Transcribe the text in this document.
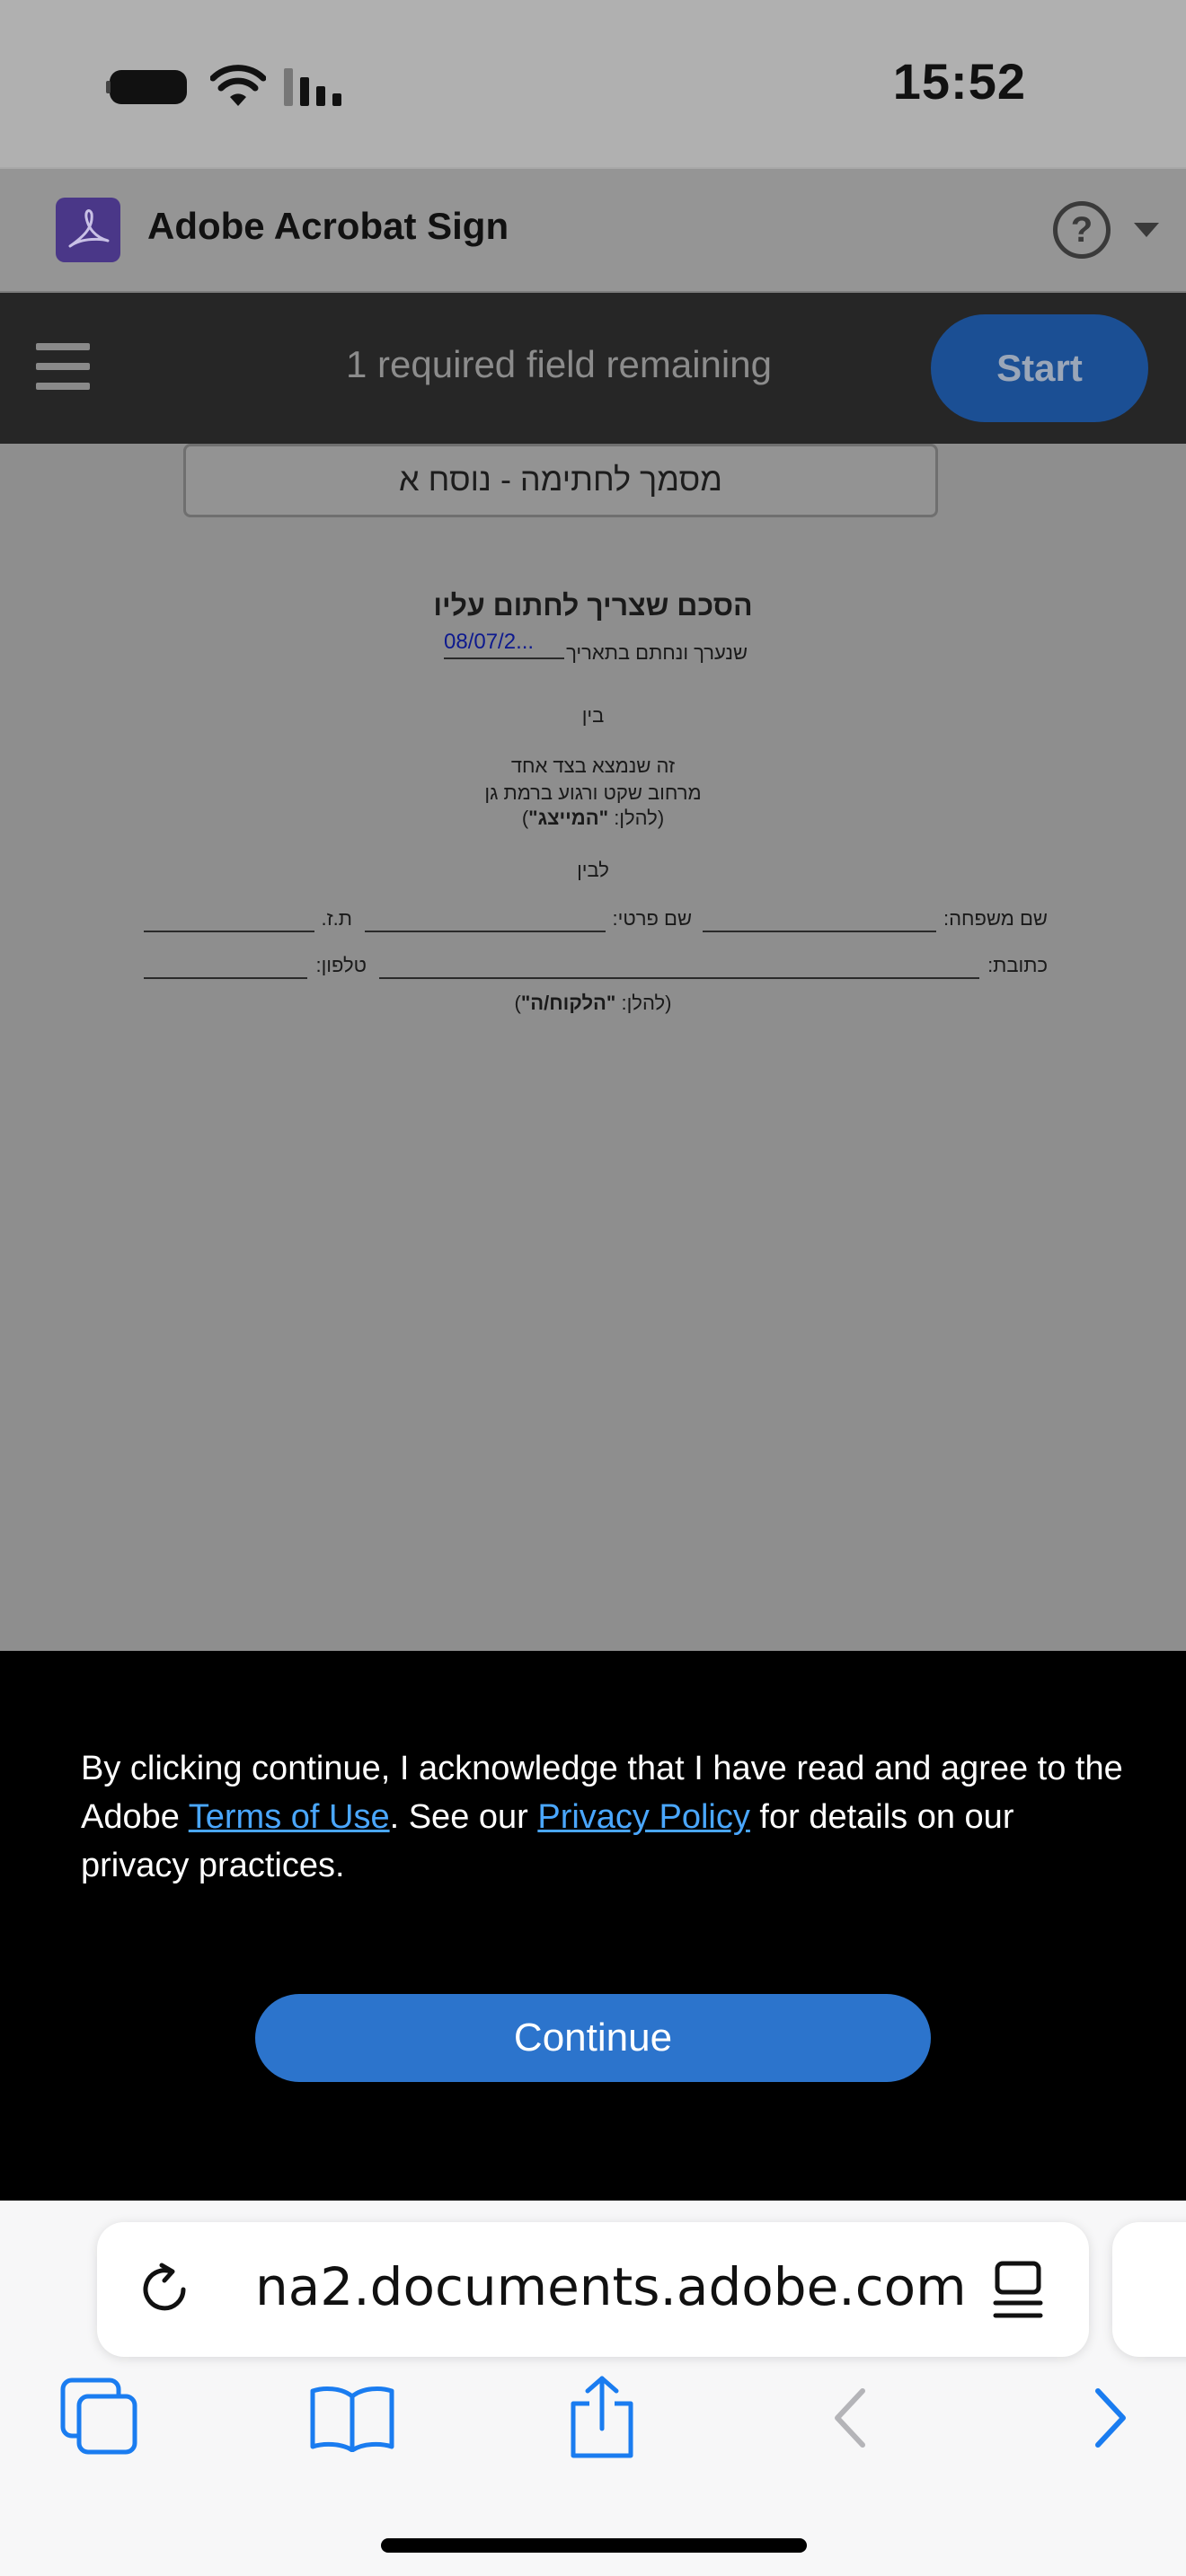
15:52
Adobe Acrobat Sign	?
1 required field remaining	Start
מסמך לחתימה - נוסח א
הסכם שצריך לחתום עליו
שנערך ונחתם בתאריך
08/07/2...
בין
זה שנמצא בצד אחד
מרחוב שקט ורגוע ברמת גן
(להלן: "המייצג")
לבין
שם משפחה:
שם פרטי:
ת.ז.
כתובת:
טלפון:
(להלן: "הלקוח/ה")
By clicking continue, I acknowledge that I have read and agree to the Adobe Terms of Use. See our Privacy Policy for details on our privacy practices.
Continue
na2.documents.adobe.com
